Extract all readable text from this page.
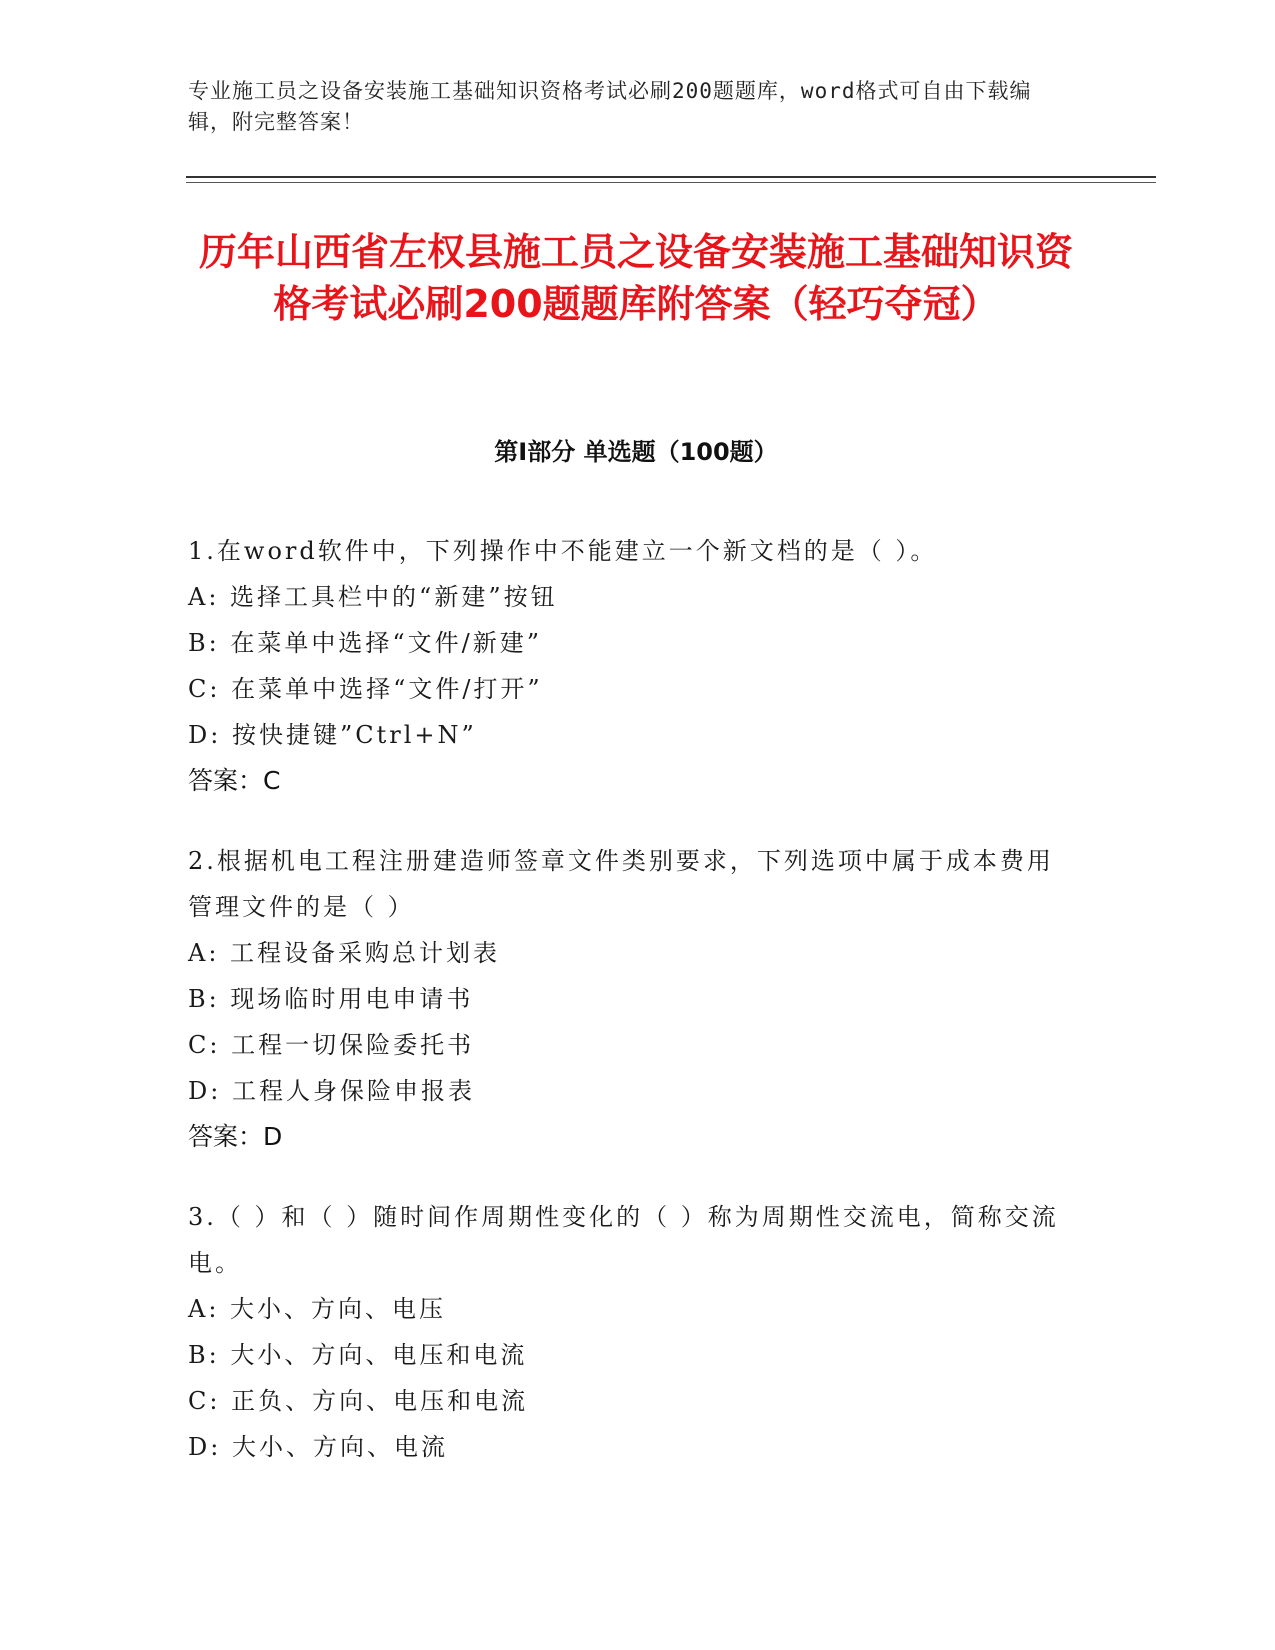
专业施工员之设备安装施工基础知识资格考试必刷200题题库，word格式可自由下载编辑，附完整答案！
历年山西省左权县施工员之设备安装施工基础知识资格考试必刷200题题库附答案（轻巧夺冠）
第Ⅰ部分 单选题（100题）
1.在word软件中，下列操作中不能建立一个新文档的是（ ）。
A: 选择工具栏中的“新建”按钮
B: 在菜单中选择“文件/新建”
C: 在菜单中选择“文件/打开”
D: 按快捷键”Ctrl+N”
答案：C
2.根据机电工程注册建造师签章文件类别要求，下列选项中属于成本费用管理文件的是（ ）
A: 工程设备采购总计划表
B: 现场临时用电申请书
C: 工程一切保险委托书
D: 工程人身保险申报表
答案：D
3.（ ）和（ ）随时间作周期性变化的（ ）称为周期性交流电，简称交流电。
A: 大小、方向、电压
B: 大小、方向、电压和电流
C: 正负、方向、电压和电流
D: 大小、方向、电流
